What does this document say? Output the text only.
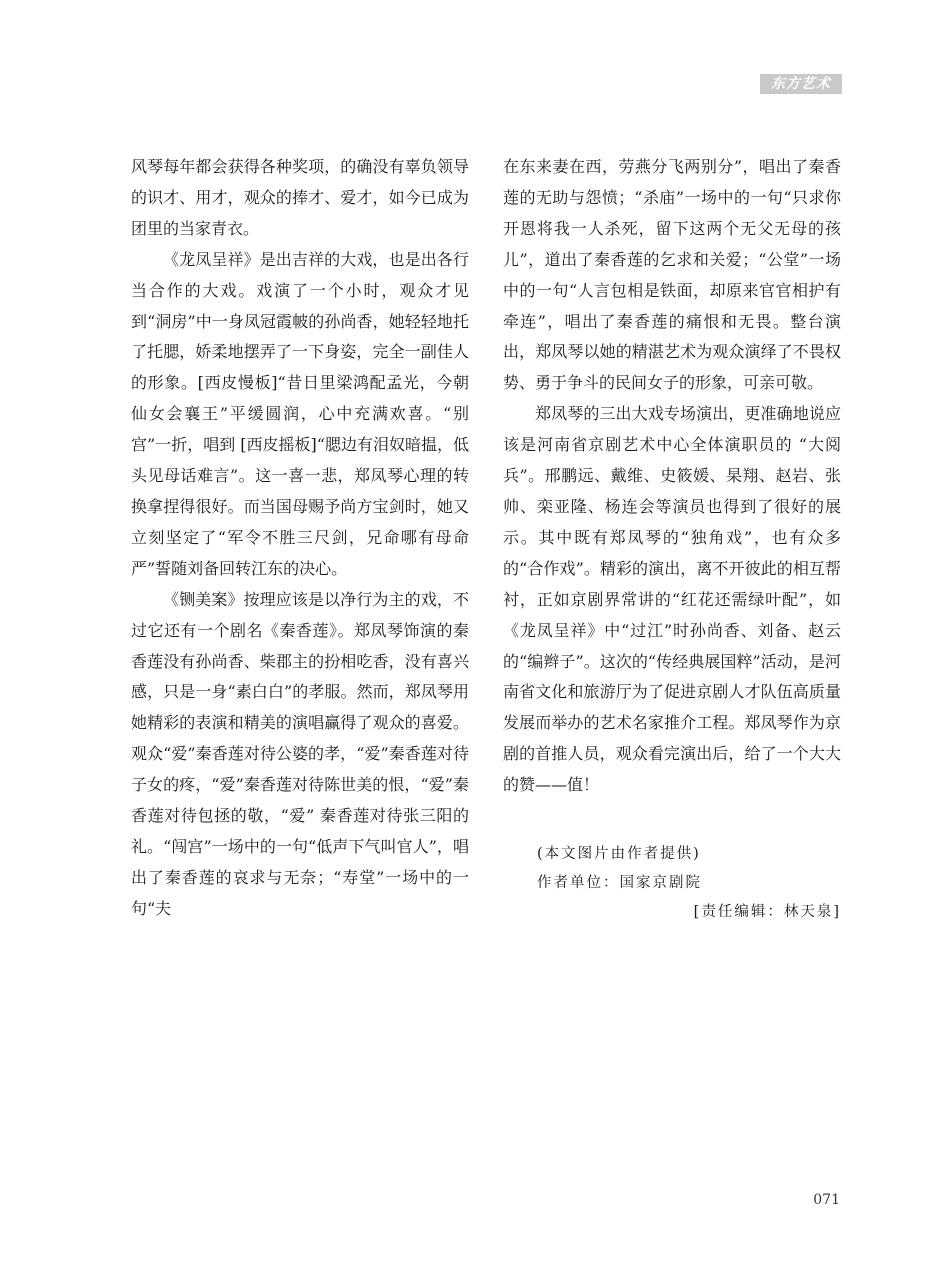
东方艺术

风琴每年都会获得各种奖项，的确没有辜负领导的识才、用才，观众的捧才、爱才，如今已成为团里的当家青衣。

《龙凤呈祥》是出吉祥的大戏，也是出各行当合作的大戏。戏演了一个小时，观众才见到“洞房”中一身凤冠霞帔的孙尚香，她轻轻地托了托腮，娇柔地摆弄了一下身姿，完全一副佳人的形象。[西皮慢板]“昔日里梁鸿配孟光，今朝仙女会襄王”平缓圆润，心中充满欢喜。“别宫”一折，唱到 [西皮摇板]“腮边有泪奴暗揾，低头见母话难言”。这一喜一悲，郑凤琴心理的转换拿捏得很好。而当国母赐予尚方宝剑时，她又立刻坚定了“军令不胜三尺剑，兄命哪有母命严”誓随刘备回转江东的决心。

《铡美案》按理应该是以净行为主的戏，不过它还有一个剧名《秦香莲》。郑凤琴饰演的秦香莲没有孙尚香、柴郡主的扮相吃香，没有喜兴感，只是一身“素白白”的孝服。然而，郑凤琴用她精彩的表演和精美的演唱赢得了观众的喜爱。观众“爱”秦香莲对待公婆的孝，“爱”秦香莲对待子女的疼，“爱”秦香莲对待陈世美的恨，“爱”秦香莲对待包拯的敬，“爱” 秦香莲对待张三阳的礼。“闯宫”一场中的一句“低声下气叫官人”，唱出了秦香莲的哀求与无奈；“寿堂”一场中的一句“夫

在东来妻在西，劳燕分飞两别分”，唱出了秦香莲的无助与怨愤；“杀庙”一场中的一句“只求你开恩将我一人杀死，留下这两个无父无母的孩儿”，道出了秦香莲的乞求和关爱；“公堂”一场中的一句“人言包相是铁面，却原来官官相护有牵连”，唱出了秦香莲的痛恨和无畏。整台演出，郑凤琴以她的精湛艺术为观众演绎了不畏权势、勇于争斗的民间女子的形象，可亲可敬。

郑凤琴的三出大戏专场演出，更准确地说应该是河南省京剧艺术中心全体演职员的 “大阅兵”。邢鹏远、戴维、史筱媛、杲翔、赵岩、张帅、栾亚隆、杨连会等演员也得到了很好的展示。其中既有郑凤琴的“独角戏”，也有众多的“合作戏”。精彩的演出，离不开彼此的相互帮衬，正如京剧界常讲的“红花还需绿叶配”，如《龙凤呈祥》中“过江”时孙尚香、刘备、赵云的“编辫子”。这次的“传经典展国粹”活动，是河南省文化和旅游厅为了促进京剧人才队伍高质量发展而举办的艺术名家推介工程。郑凤琴作为京剧的首推人员，观众看完演出后，给了一个大大的赞——值！

(本文图片由作者提供)

作者单位：国家京剧院

[责任编辑：林天泉]

071
